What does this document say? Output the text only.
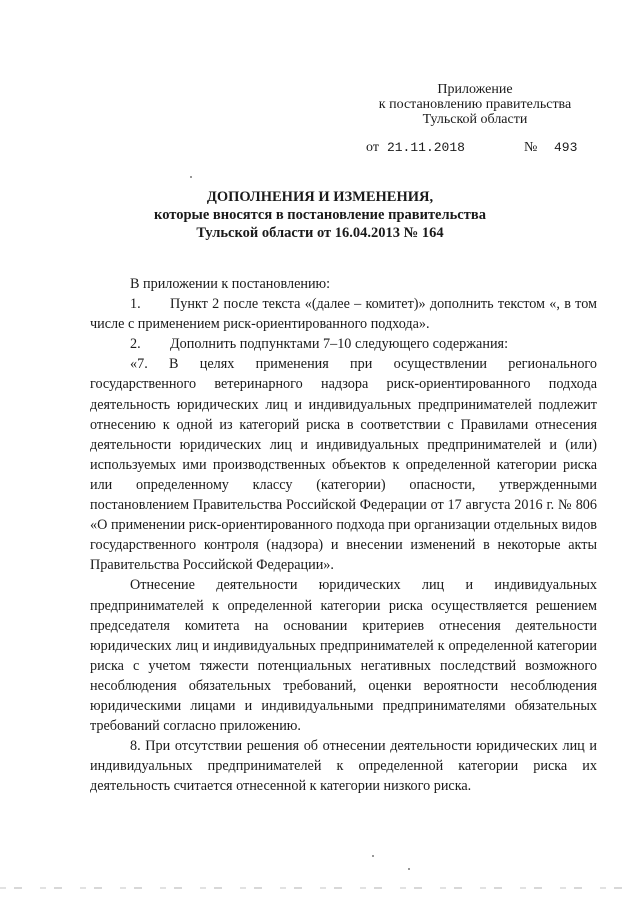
Приложение
к постановлению правительства
Тульской области
от 21.11.2018	№ 493
ДОПОЛНЕНИЯ И ИЗМЕНЕНИЯ,
которые вносятся в постановление правительства
Тульской области от 16.04.2013 № 164

В приложении к постановлению:

1. Пункт 2 после текста «(далее – комитет)» дополнить текстом «, в том числе с применением риск-ориентированного подхода».

2. Дополнить подпунктами 7–10 следующего содержания:

«7. В целях применения при осуществлении регионального государственного ветеринарного надзора риск-ориентированного подхода деятельность юридических лиц и индивидуальных предпринимателей подлежит отнесению к одной из категорий риска в соответствии с Правилами отнесения деятельности юридических лиц и индивидуальных предпринимателей и (или) используемых ими производственных объектов к определенной категории риска или определенному классу (категории) опасности, утвержденными постановлением Правительства Российской Федерации от 17 августа 2016 г. № 806 «О применении риск-ориентированного подхода при организации отдельных видов государственного контроля (надзора) и внесении изменений в некоторые акты Правительства Российской Федерации».

Отнесение деятельности юридических лиц и индивидуальных предпринимателей к определенной категории риска осуществляется решением председателя комитета на основании критериев отнесения деятельности юридических лиц и индивидуальных предпринимателей к определенной категории риска с учетом тяжести потенциальных негативных последствий возможного несоблюдения обязательных требований, оценки вероятности несоблюдения юридическими лицами и индивидуальными предпринимателями обязательных требований согласно приложению.

8. При отсутствии решения об отнесении деятельности юридических лиц и индивидуальных предпринимателей к определенной категории риска их деятельность считается отнесенной к категории низкого риска.
